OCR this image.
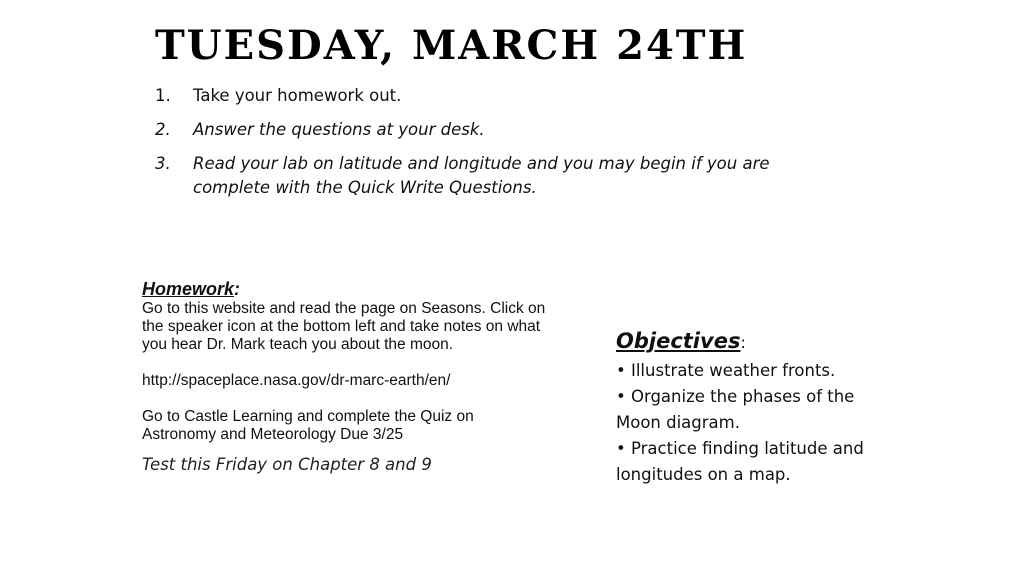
TUESDAY, MARCH 24TH
1. Take your homework out.
2. Answer the questions at your desk.
3. Read your lab on latitude and longitude and you may begin if you are complete with the Quick Write Questions.
Homework:

Go to this website and read the page on Seasons. Click on the speaker icon at the bottom left and take notes on what you hear Dr. Mark teach you about the moon.

http://spaceplace.nasa.gov/dr-marc-earth/en/

Go to Castle Learning and complete the Quiz on Astronomy and Meteorology Due 3/25

Test this Friday on Chapter 8 and 9
Objectives:
• Illustrate weather fronts.
• Organize the phases of the Moon diagram.
• Practice finding latitude and longitudes on a map.
